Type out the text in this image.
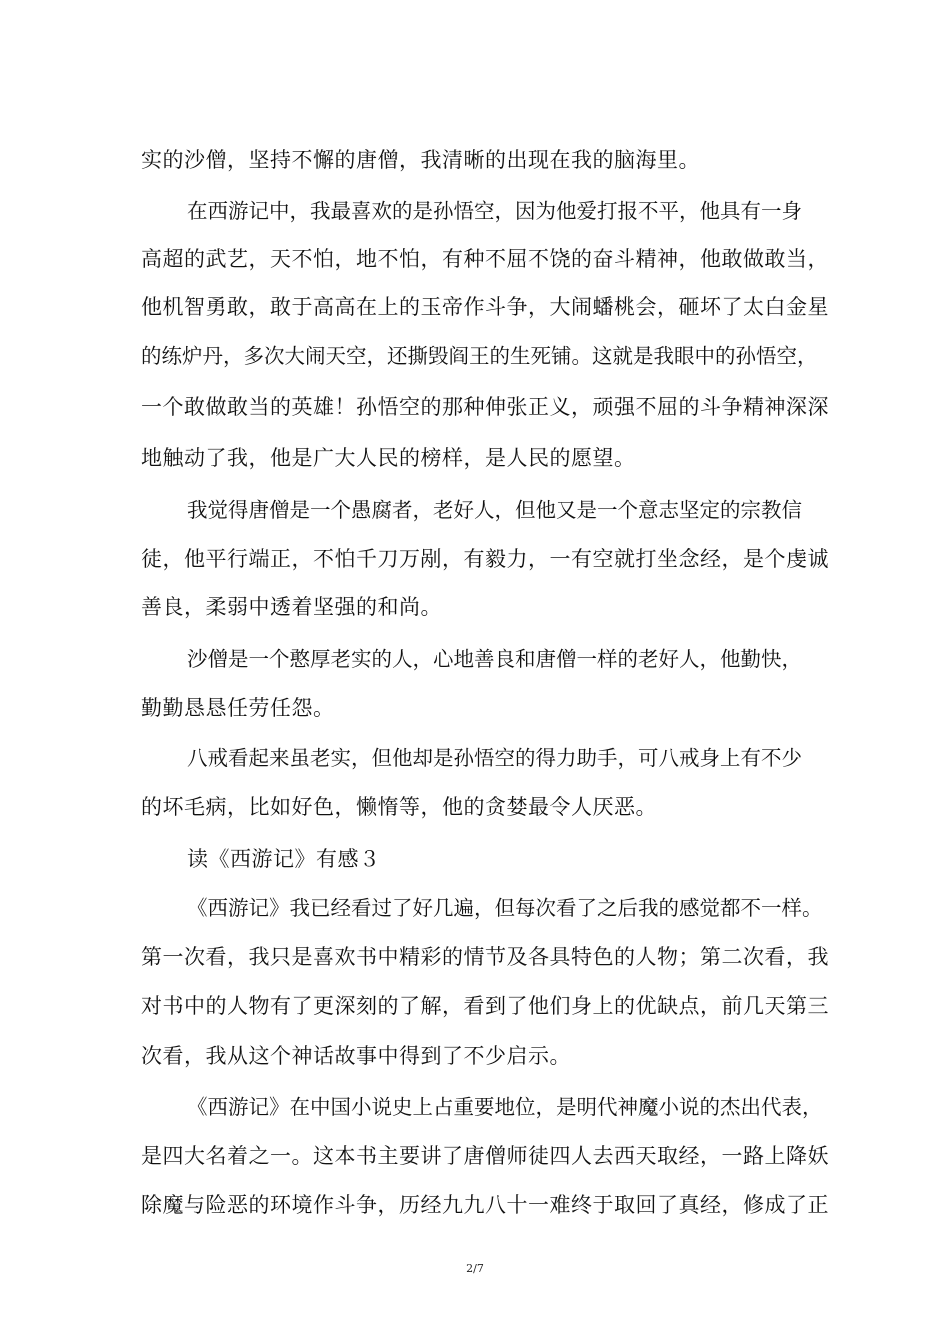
实的沙僧，坚持不懈的唐僧，我清晰的出现在我的脑海里。
在西游记中，我最喜欢的是孙悟空，因为他爱打报不平，他具有一身
高超的武艺，天不怕，地不怕，有种不屈不饶的奋斗精神，他敢做敢当，
他机智勇敢，敢于高高在上的玉帝作斗争，大闹蟠桃会，砸坏了太白金星
的练炉丹，多次大闹天空，还撕毁阎王的生死铺。这就是我眼中的孙悟空，
一个敢做敢当的英雄！孙悟空的那种伸张正义，顽强不屈的斗争精神深深
地触动了我，他是广大人民的榜样，是人民的愿望。
我觉得唐僧是一个愚腐者，老好人，但他又是一个意志坚定的宗教信
徒，他平行端正，不怕千刀万剐，有毅力，一有空就打坐念经，是个虔诚
善良，柔弱中透着坚强的和尚。
沙僧是一个憨厚老实的人，心地善良和唐僧一样的老好人，他勤快，
勤勤恳恳任劳任怨。
八戒看起来虽老实，但他却是孙悟空的得力助手，可八戒身上有不少
的坏毛病，比如好色，懒惰等，他的贪婪最令人厌恶。
读《西游记》有感３
《西游记》我已经看过了好几遍，但每次看了之后我的感觉都不一样。
第一次看，我只是喜欢书中精彩的情节及各具特色的人物；第二次看，我
对书中的人物有了更深刻的了解，看到了他们身上的优缺点，前几天第三
次看，我从这个神话故事中得到了不少启示。
《西游记》在中国小说史上占重要地位，是明代神魔小说的杰出代表，
是四大名着之一。这本书主要讲了唐僧师徒四人去西天取经，一路上降妖
除魔与险恶的环境作斗争，历经九九八十一难终于取回了真经，修成了正
2/7
